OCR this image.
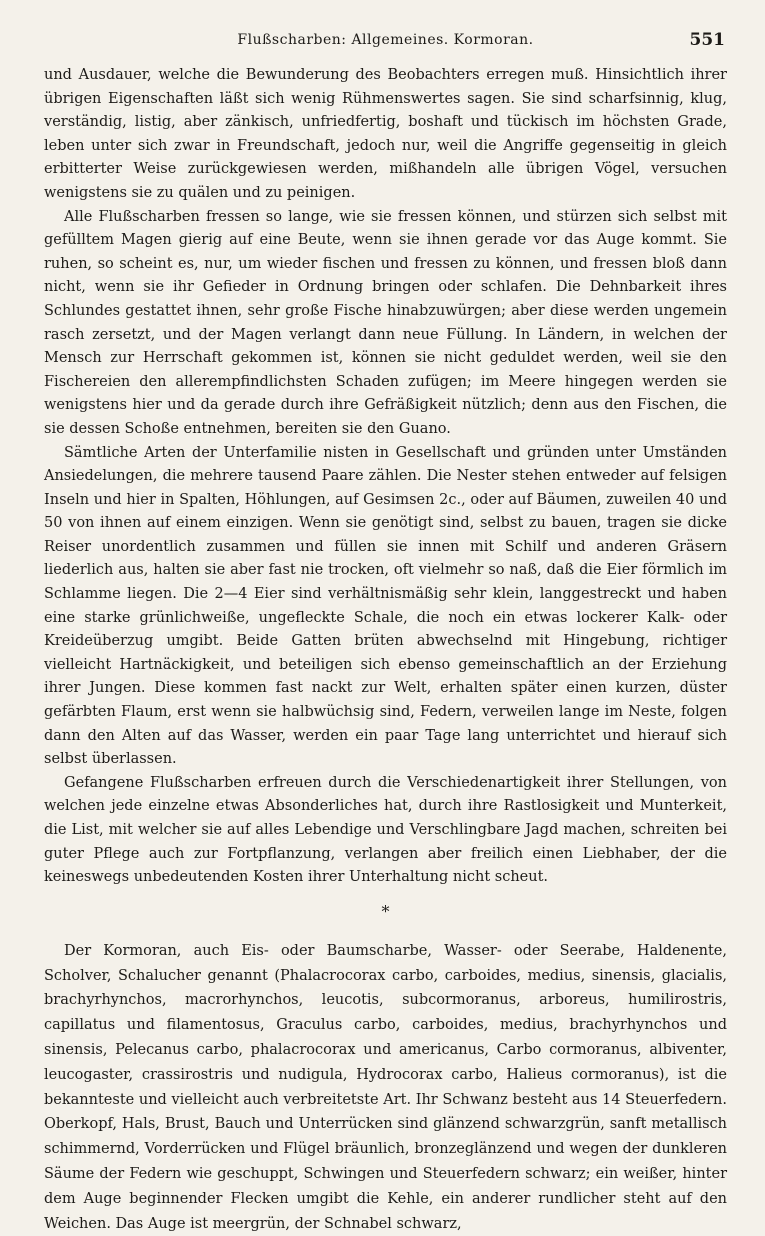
Flußscharben: Allgemeines. Kormoran.	551

und Ausdauer, welche die Bewunderung des Beobachters erregen muß. Hinsichtlich ihrer übrigen Eigenschaften läßt sich wenig Rühmenswertes sagen. Sie sind scharfsinnig, klug, verständig, listig, aber zänkisch, unfriedfertig, boshaft und tückisch im höchsten Grade, leben unter sich zwar in Freundschaft, jedoch nur, weil die Angriffe gegenseitig in gleich erbitterter Weise zurückgewiesen werden, mißhandeln alle übrigen Vögel, versuchen wenigstens sie zu quälen und zu peinigen.

Alle Flußscharben fressen so lange, wie sie fressen können, und stürzen sich selbst mit gefülltem Magen gierig auf eine Beute, wenn sie ihnen gerade vor das Auge kommt. Sie ruhen, so scheint es, nur, um wieder fischen und fressen zu können, und fressen bloß dann nicht, wenn sie ihr Gefieder in Ordnung bringen oder schlafen. Die Dehnbarkeit ihres Schlundes gestattet ihnen, sehr große Fische hinabzuwürgen; aber diese werden ungemein rasch zersetzt, und der Magen verlangt dann neue Füllung. In Ländern, in welchen der Mensch zur Herrschaft gekommen ist, können sie nicht geduldet werden, weil sie den Fischereien den allerempfindlichsten Schaden zufügen; im Meere hingegen werden sie wenigstens hier und da gerade durch ihre Gefräßigkeit nützlich; denn aus den Fischen, die sie dessen Schoße entnehmen, bereiten sie den Guano.

Sämtliche Arten der Unterfamilie nisten in Gesellschaft und gründen unter Umständen Ansiedelungen, die mehrere tausend Paare zählen. Die Nester stehen entweder auf felsigen Inseln und hier in Spalten, Höhlungen, auf Gesimsen 2c., oder auf Bäumen, zuweilen 40 und 50 von ihnen auf einem einzigen. Wenn sie genötigt sind, selbst zu bauen, tragen sie dicke Reiser unordentlich zusammen und füllen sie innen mit Schilf und anderen Gräsern liederlich aus, halten sie aber fast nie trocken, oft vielmehr so naß, daß die Eier förmlich im Schlamme liegen. Die 2—4 Eier sind verhältnismäßig sehr klein, langgestreckt und haben eine starke grünlichweiße, ungefleckte Schale, die noch ein etwas lockerer Kalk- oder Kreideüberzug umgibt. Beide Gatten brüten abwechselnd mit Hingebung, richtiger vielleicht Hartnäckigkeit, und beteiligen sich ebenso gemeinschaftlich an der Erziehung ihrer Jungen. Diese kommen fast nackt zur Welt, erhalten später einen kurzen, düster gefärbten Flaum, erst wenn sie halbwüchsig sind, Federn, verweilen lange im Neste, folgen dann den Alten auf das Wasser, werden ein paar Tage lang unterrichtet und hierauf sich selbst überlassen.

Gefangene Flußscharben erfreuen durch die Verschiedenartigkeit ihrer Stellungen, von welchen jede einzelne etwas Absonderliches hat, durch ihre Rastlosigkeit und Munterkeit, die List, mit welcher sie auf alles Lebendige und Verschlingbare Jagd machen, schreiten bei guter Pflege auch zur Fortpflanzung, verlangen aber freilich einen Liebhaber, der die keineswegs unbedeutenden Kosten ihrer Unterhaltung nicht scheut.

*

Der Kormoran, auch Eis- oder Baumscharbe, Wasser- oder Seerabe, Haldenente, Scholver, Schalucher genannt (Phalacrocorax carbo, carboides, medius, sinensis, glacialis, brachyrhynchos, macrorhynchos, leucotis, subcormoranus, arboreus, humilirostris, capillatus und filamentosus, Graculus carbo, carboides, medius, brachyrhynchos und sinensis, Pelecanus carbo, phalacrocorax und americanus, Carbo cormoranus, albiventer, leucogaster, crassirostris und nudigula, Hydrocorax carbo, Halieus cormoranus), ist die bekannteste und vielleicht auch verbreitetste Art. Ihr Schwanz besteht aus 14 Steuerfedern. Oberkopf, Hals, Brust, Bauch und Unterrücken sind glänzend schwarzgrün, sanft metallisch schimmernd, Vorderrücken und Flügel bräunlich, bronzeglänzend und wegen der dunkleren Säume der Federn wie geschuppt, Schwingen und Steuerfedern schwarz; ein weißer, hinter dem Auge beginnender Flecken umgibt die Kehle, ein anderer rundlicher steht auf den Weichen. Das Auge ist meergrün, der Schnabel schwarz,
